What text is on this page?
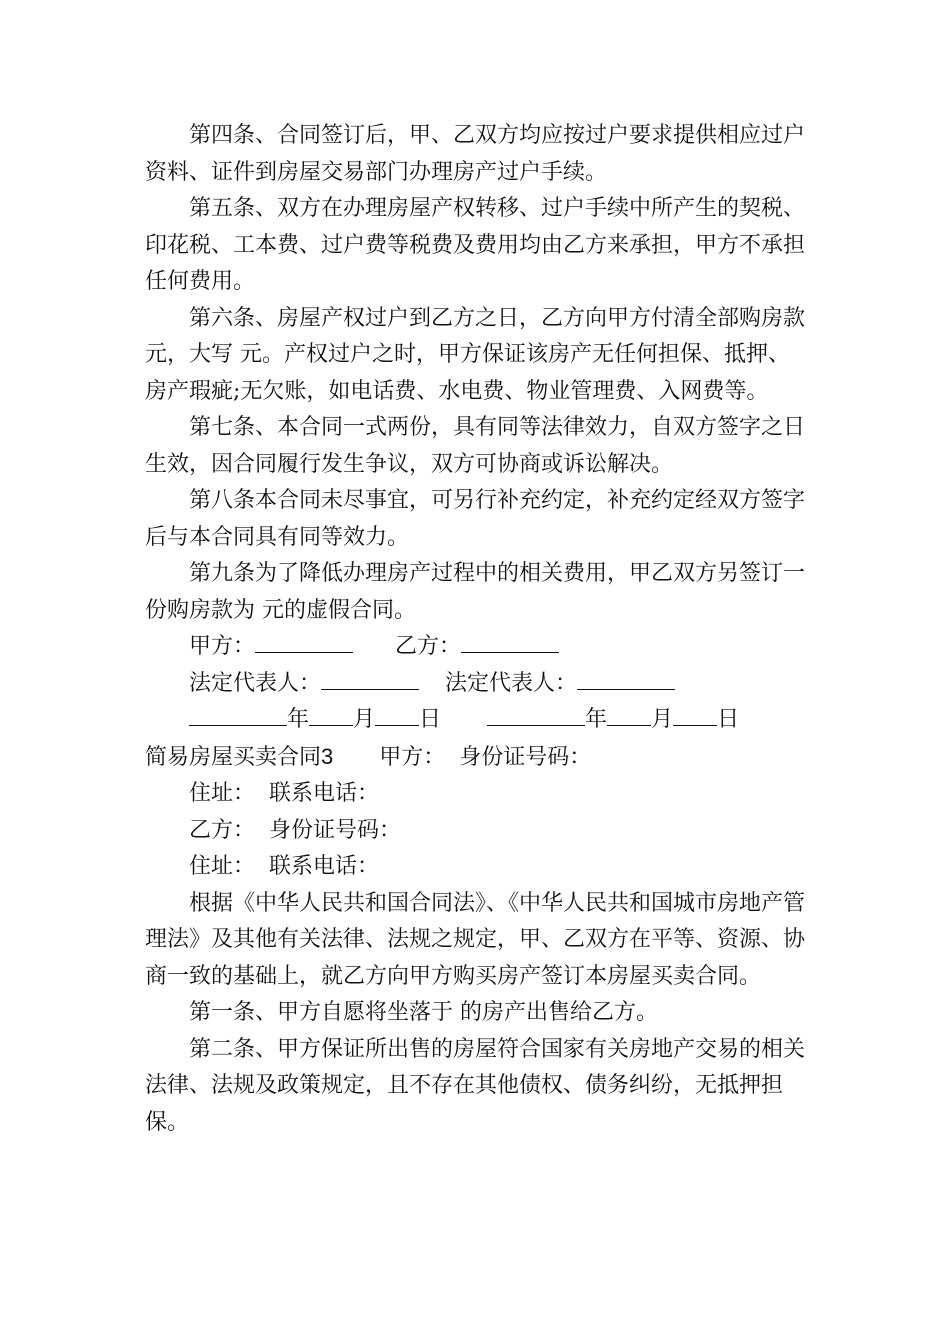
第四条、合同签订后，甲、乙双方均应按过户要求提供相应过户资料、证件到房屋交易部门办理房产过户手续。

第五条、双方在办理房屋产权转移、过户手续中所产生的契税、印花税、工本费、过户费等税费及费用均由乙方来承担，甲方不承担任何费用。

第六条、房屋产权过户到乙方之日，乙方向甲方付清全部购房款元，大写 元。产权过户之时，甲方保证该房产无任何担保、抵押、房产瑕疵;无欠账，如电话费、水电费、物业管理费、入网费等。

第七条、本合同一式两份，具有同等法律效力，自双方签字之日生效，因合同履行发生争议，双方可协商或诉讼解决。

第八条本合同未尽事宜，可另行补充约定，补充约定经双方签字后与本合同具有同等效力。

第九条为了降低办理房产过程中的相关费用，甲乙双方另签订一份购房款为 元的虚假合同。

甲方：	乙方：
法定代表人：	法定代表人：
年 月 日	年 月 日
简易房屋买卖合同3 甲方： 身份证号码：
住址： 联系电话：
乙方： 身份证号码：
住址： 联系电话：

根据《中华人民共和国合同法》、《中华人民共和国城市房地产管理法》及其他有关法律、法规之规定，甲、乙双方在平等、资源、协商一致的基础上，就乙方向甲方购买房产签订本房屋买卖合同。

第一条、甲方自愿将坐落于 的房产出售给乙方。

第二条、甲方保证所出售的房屋符合国家有关房地产交易的相关法律、法规及政策规定，且不存在其他债权、债务纠纷，无抵押担保。
